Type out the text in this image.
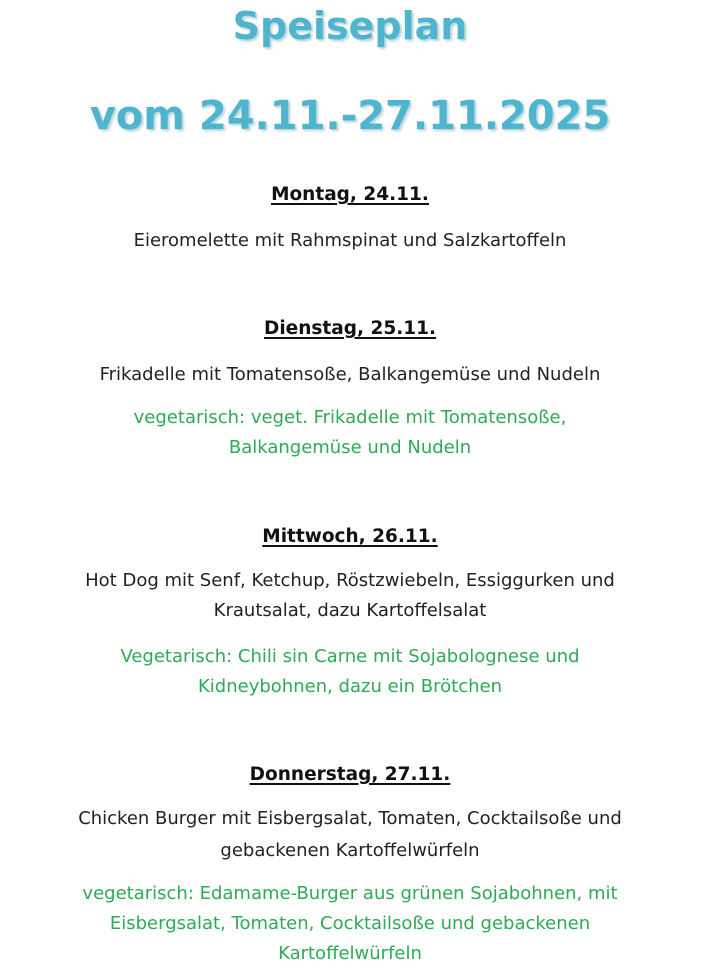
Speiseplan
vom 24.11.-27.11.2025
Montag, 24.11.
Eieromelette mit Rahmspinat und Salzkartoffeln
Dienstag, 25.11.
Frikadelle mit Tomatensoße, Balkangemüse und Nudeln
vegetarisch: veget. Frikadelle mit Tomatensoße,
Balkangemüse und Nudeln
Mittwoch, 26.11.
Hot Dog mit Senf, Ketchup, Röstzwiebeln, Essiggurken und
Krautsalat, dazu Kartoffelsalat
Vegetarisch: Chili sin Carne mit Sojabolognese und
Kidneybohnen, dazu ein Brötchen
Donnerstag, 27.11.
Chicken Burger mit Eisbergsalat, Tomaten, Cocktailsoße und
gebackenen Kartoffelwürfeln
vegetarisch: Edamame-Burger aus grünen Sojabohnen, mit
Eisbergsalat, Tomaten, Cocktailsoße und gebackenen
Kartoffelwürfeln
